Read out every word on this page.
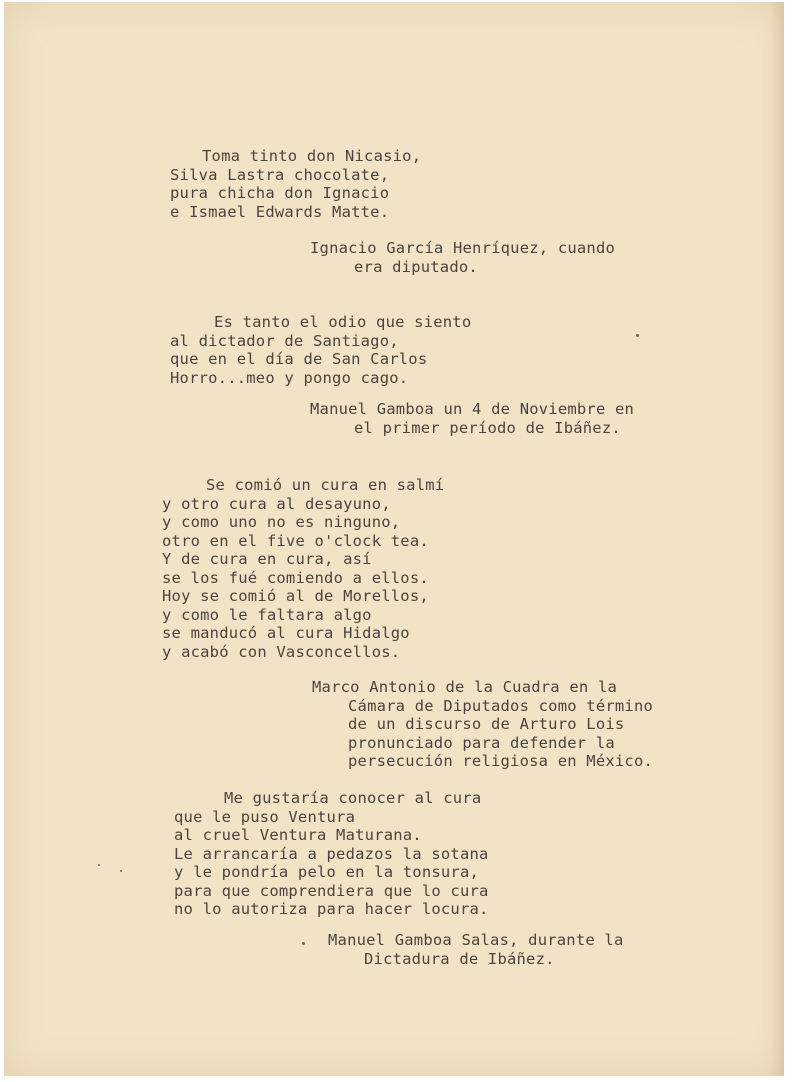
Toma tinto don Nicasio,
Silva Lastra chocolate,
pura chicha don Ignacio
e Ismael Edwards Matte.
Ignacio García Henríquez, cuando
era diputado.
Es tanto el odio que siento
al dictador de Santiago,
que en el día de San Carlos
Horro...meo y pongo cago.
Manuel Gamboa un 4 de Noviembre en
el primer período de Ibáñez.
Se comió un cura en salmí
y otro cura al desayuno,
y como uno no es ninguno,
otro en el five o'clock tea.
Y de cura en cura, así
se los fué comiendo a ellos.
Hoy se comió al de Morellos,
y como le faltara algo
se manducó al cura Hidalgo
y acabó con Vasconcellos.
Marco Antonio de la Cuadra en la
Cámara de Diputados como término
de un discurso de Arturo Lois
pronunciado para defender la
persecución religiosa en México.
Me gustaría conocer al cura
que le puso Ventura
al cruel Ventura Maturana.
Le arrancaría a pedazos la sotana
y le pondría pelo en la tonsura,
para que comprendiera que lo cura
no lo autoriza para hacer locura.
Manuel Gamboa Salas, durante la
Dictadura de Ibáñez.
